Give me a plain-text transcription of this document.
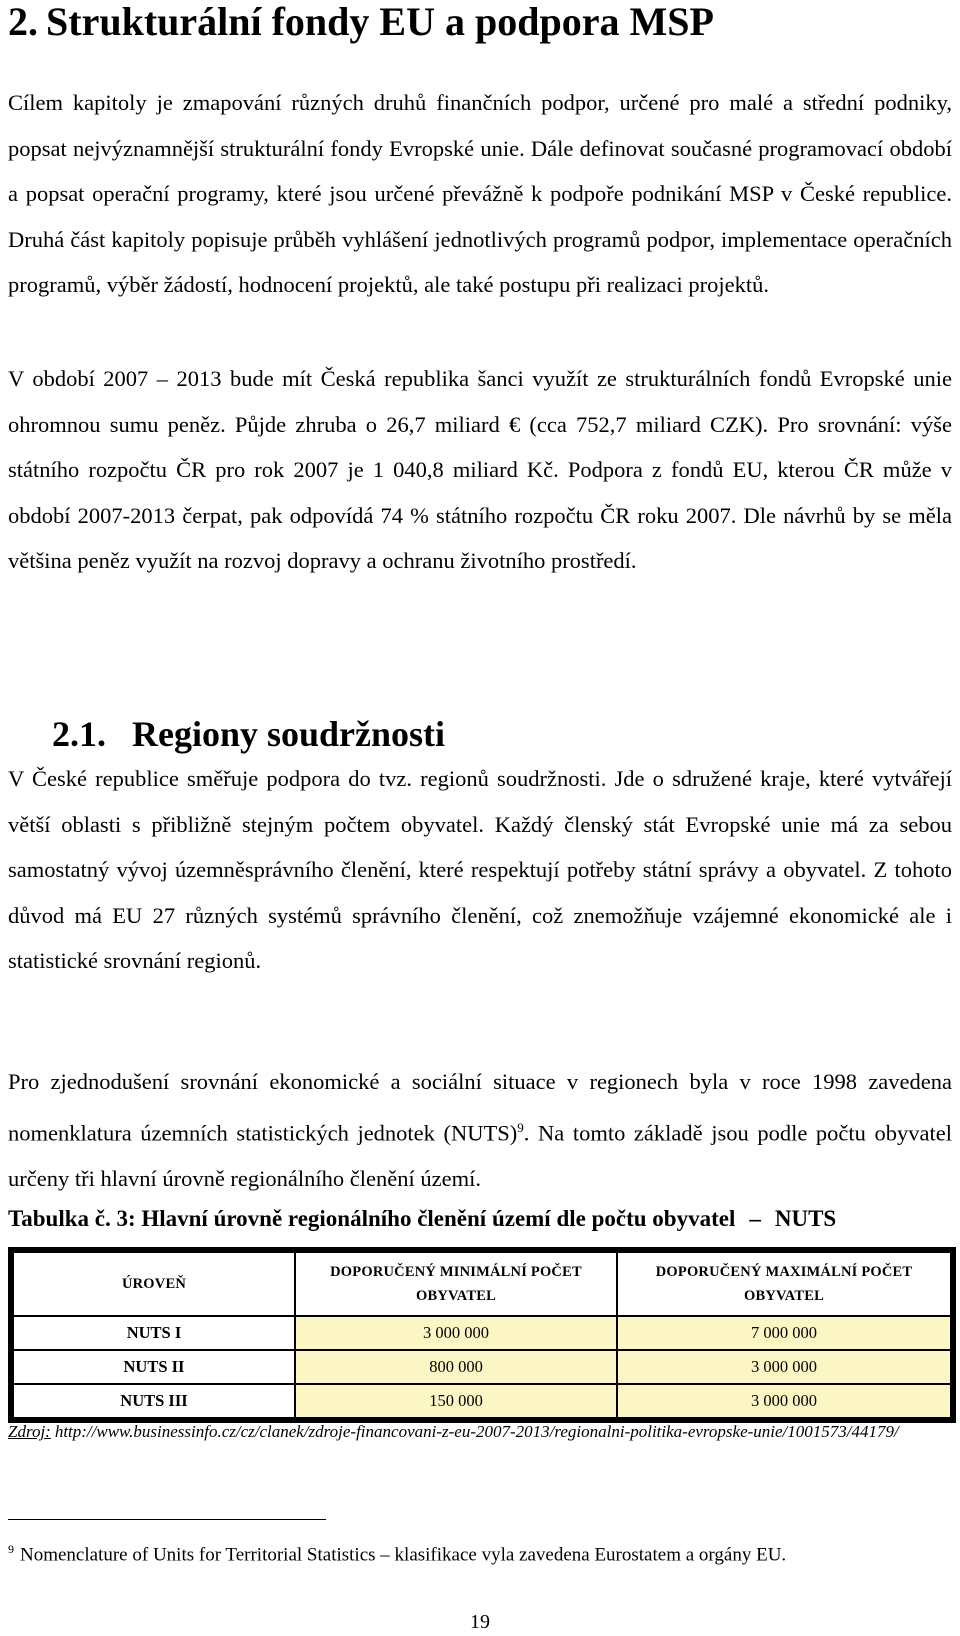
2. Strukturální fondy EU a podpora MSP

Cílem kapitoly je zmapování různých druhů finančních podpor, určené pro malé a střední podniky, popsat nejvýznamnější strukturální fondy Evropské unie. Dále definovat současné programovací období a popsat operační programy, které jsou určené převážně k podpoře podnikání MSP v České republice. Druhá část kapitoly popisuje průběh vyhlášení jednotlivých programů podpor, implementace operačních programů, výběr žádostí, hodnocení projektů, ale také postupu při realizaci projektů.

V období 2007 – 2013 bude mít Česká republika šanci využít ze strukturálních fondů Evropské unie ohromnou sumu peněz. Půjde zhruba o 26,7 miliard € (cca 752,7 miliard CZK). Pro srovnání: výše státního rozpočtu ČR pro rok 2007 je 1 040,8 miliard Kč. Podpora z fondů EU, kterou ČR může v období 2007-2013 čerpat, pak odpovídá 74 % státního rozpočtu ČR roku 2007. Dle návrhů by se měla většina peněz využít na rozvoj dopravy a ochranu životního prostředí.

2.1. Regiony soudržnosti

V České republice směřuje podpora do tvz. regionů soudržnosti. Jde o sdružené kraje, které vytvářejí větší oblasti s přibližně stejným počtem obyvatel. Každý členský stát Evropské unie má za sebou samostatný vývoj územněsprávního členění, které respektují potřeby státní správy a obyvatel. Z tohoto důvod má EU 27 různých systémů správního členění, což znemožňuje vzájemné ekonomické ale i statistické srovnání regionů.

Pro zjednodušení srovnání ekonomické a sociální situace v regionech byla v roce 1998 zavedena nomenklatura územních statistických jednotek (NUTS)$^9$. Na tomto základě jsou podle počtu obyvatel určeny tři hlavní úrovně regionálního členění území.

Tabulka č. 3: Hlavní úrovně regionálního členění území dle počtu obyvatel – NUTS

ÚROVEŇ	DOPORUČENÝ MINIMÁLNÍ POČET OBYVATEL	DOPORUČENÝ MAXIMÁLNÍ POČET OBYVATEL
NUTS I	3 000 000	7 000 000
NUTS II	800 000	3 000 000
NUTS III	150 000	3 000 000

Zdroj: http://www.businessinfo.cz/cz/clanek/zdroje-financovani-z-eu-2007-2013/regionalni-politika-evropske-unie/1001573/44179/

$^9$ Nomenclature of Units for Territorial Statistics – klasifikace vyla zavedena Eurostatem a orgány EU.

19
